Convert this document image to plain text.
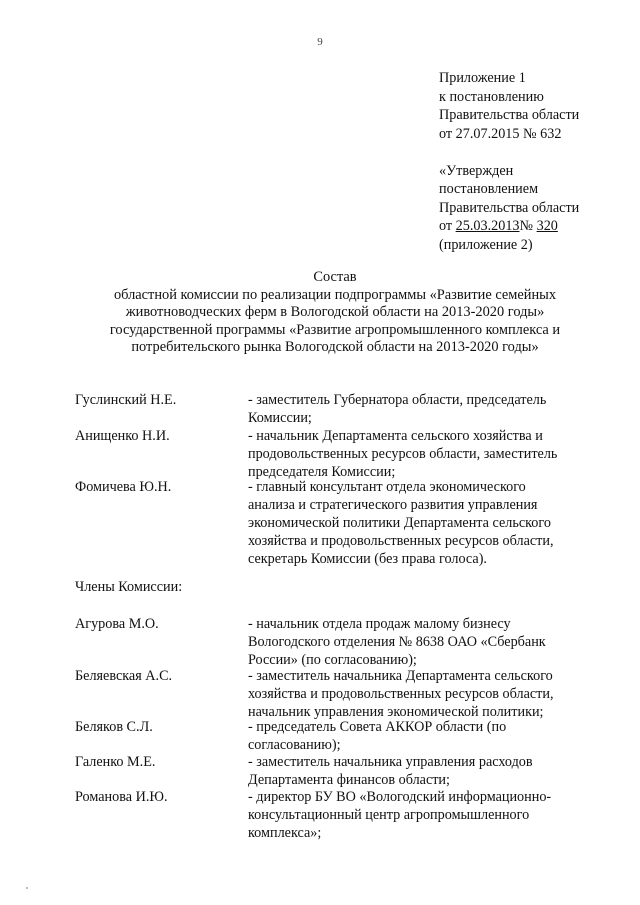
9
Приложение 1
к постановлению
Правительства области
от 27.07.2015 № 632
«Утвержден
постановлением
Правительства области
от 25.03.2013№ 320
(приложение 2)
Состав
областной комиссии по реализации подпрограммы «Развитие семейных
животноводческих ферм в Вологодской области на 2013-2020 годы»
государственной программы «Развитие агропромышленного комплекса и
потребительского рынка Вологодской области на 2013-2020 годы»
Гуслинский Н.Е.	- заместитель Губернатора области, председатель
Комиссии;
Анищенко Н.И.	- начальник Департамента сельского хозяйства и
продовольственных ресурсов области, заместитель
председателя Комиссии;
Фомичева Ю.Н.	- главный консультант отдела экономического
анализа и стратегического развития управления
экономической политики Департамента сельского
хозяйства и продовольственных ресурсов области,
секретарь Комиссии (без права голоса).
Члены Комиссии:
Агурова М.О.	- начальник отдела продаж малому бизнесу
Вологодского отделения № 8638 ОАО «Сбербанк
России» (по согласованию);
Беляевская А.С.	- заместитель начальника Департамента сельского
хозяйства и продовольственных ресурсов области,
начальник управления экономической политики;
Беляков С.Л.	- председатель Совета АККОР области (по
согласованию);
Галенко М.Е.	- заместитель начальника управления расходов
Департамента финансов области;
Романова И.Ю.	- директор БУ ВО «Вологодский информационно-
консультационный центр агропромышленного
комплекса»;
